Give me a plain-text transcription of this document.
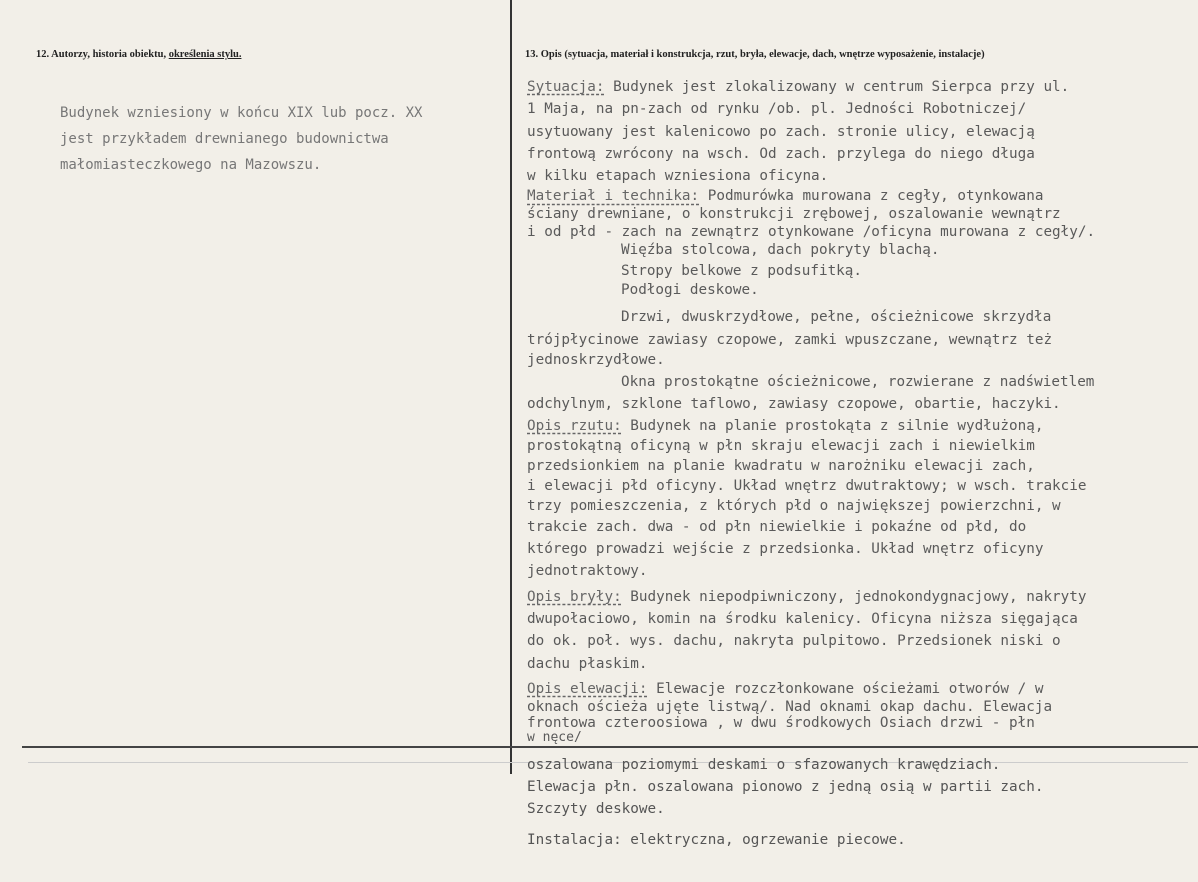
12. Autorzy, historia obiektu, określenia stylu.	13. Opis (sytuacja, materiał i konstrukcja, rzut, bryła, elewacje, dach, wnętrze wyposażenie, instalacje)
Budynek wzniesiony w końcu XIX lub pocz. XX
jest przykładem drewnianego budownictwa
małomiasteczkowego na Mazowszu.
Sytuacja: Budynek jest zlokalizowany w centrum Sierpca przy ul.
1 Maja, na pn-zach od rynku /ob. pl. Jedności Robotniczej/
usytuowany jest kalenicowo po zach. stronie ulicy, elewacją
frontową zwrócony na wsch. Od zach. przylega do niego długa
w kilku etapach wzniesiona oficyna.
Materiał i technika: Podmurówka murowana z cegły, otynkowana
ściany drewniane, o konstrukcji zrębowej, oszalowanie wewnątrz
i od płd - zach na zewnątrz otynkowane /oficyna murowana z cegły/.
Więźba stolcowa, dach pokryty blachą.
Stropy belkowe z podsufitką.
Podłogi deskowe.
Drzwi, dwuskrzydłowe, pełne, ościeżnicowe skrzydła
trójpłycinowe zawiasy czopowe, zamki wpuszczane, wewnątrz też
jednoskrzydłowe.
Okna prostokątne ościeżnicowe, rozwierane z nadświetlem
odchylnym, szklone taflowo, zawiasy czopowe, obartie, haczyki.
Opis rzutu: Budynek na planie prostokąta z silnie wydłużoną,
prostokątną oficyną w płn skraju elewacji zach i niewielkim
przedsionkiem na planie kwadratu w narożniku elewacji zach,
i elewacji płd oficyny. Układ wnętrz dwutraktowy; w wsch. trakcie
trzy pomieszczenia, z których płd o największej powierzchni, w
trakcie zach. dwa - od płn niewielkie i pokaźne od płd, do
którego prowadzi wejście z przedsionka. Układ wnętrz oficyny
jednotraktowy.
Opis bryły: Budynek niepodpiwniczony, jednokondygnacjowy, nakryty
dwupołaciowo, komin na środku kalenicy. Oficyna niższa sięgająca
do ok. poł. wys. dachu, nakryta pulpitowo. Przedsionek niski o
dachu płaskim.
Opis elewacji: Elewacje rozczłonkowane ościeżami otworów / w
oknach ościeża ujęte listwą/. Nad oknami okap dachu. Elewacja
frontowa czteroosiowa , w dwu środkowych Osiach drzwi - płn
w nęce/
oszalowana poziomymi deskami o sfazowanych krawędziach.
Elewacja płn. oszalowana pionowo z jedną osią w partii zach.
Szczyty deskowe.
Instalacja: elektryczna, ogrzewanie piecowe.
